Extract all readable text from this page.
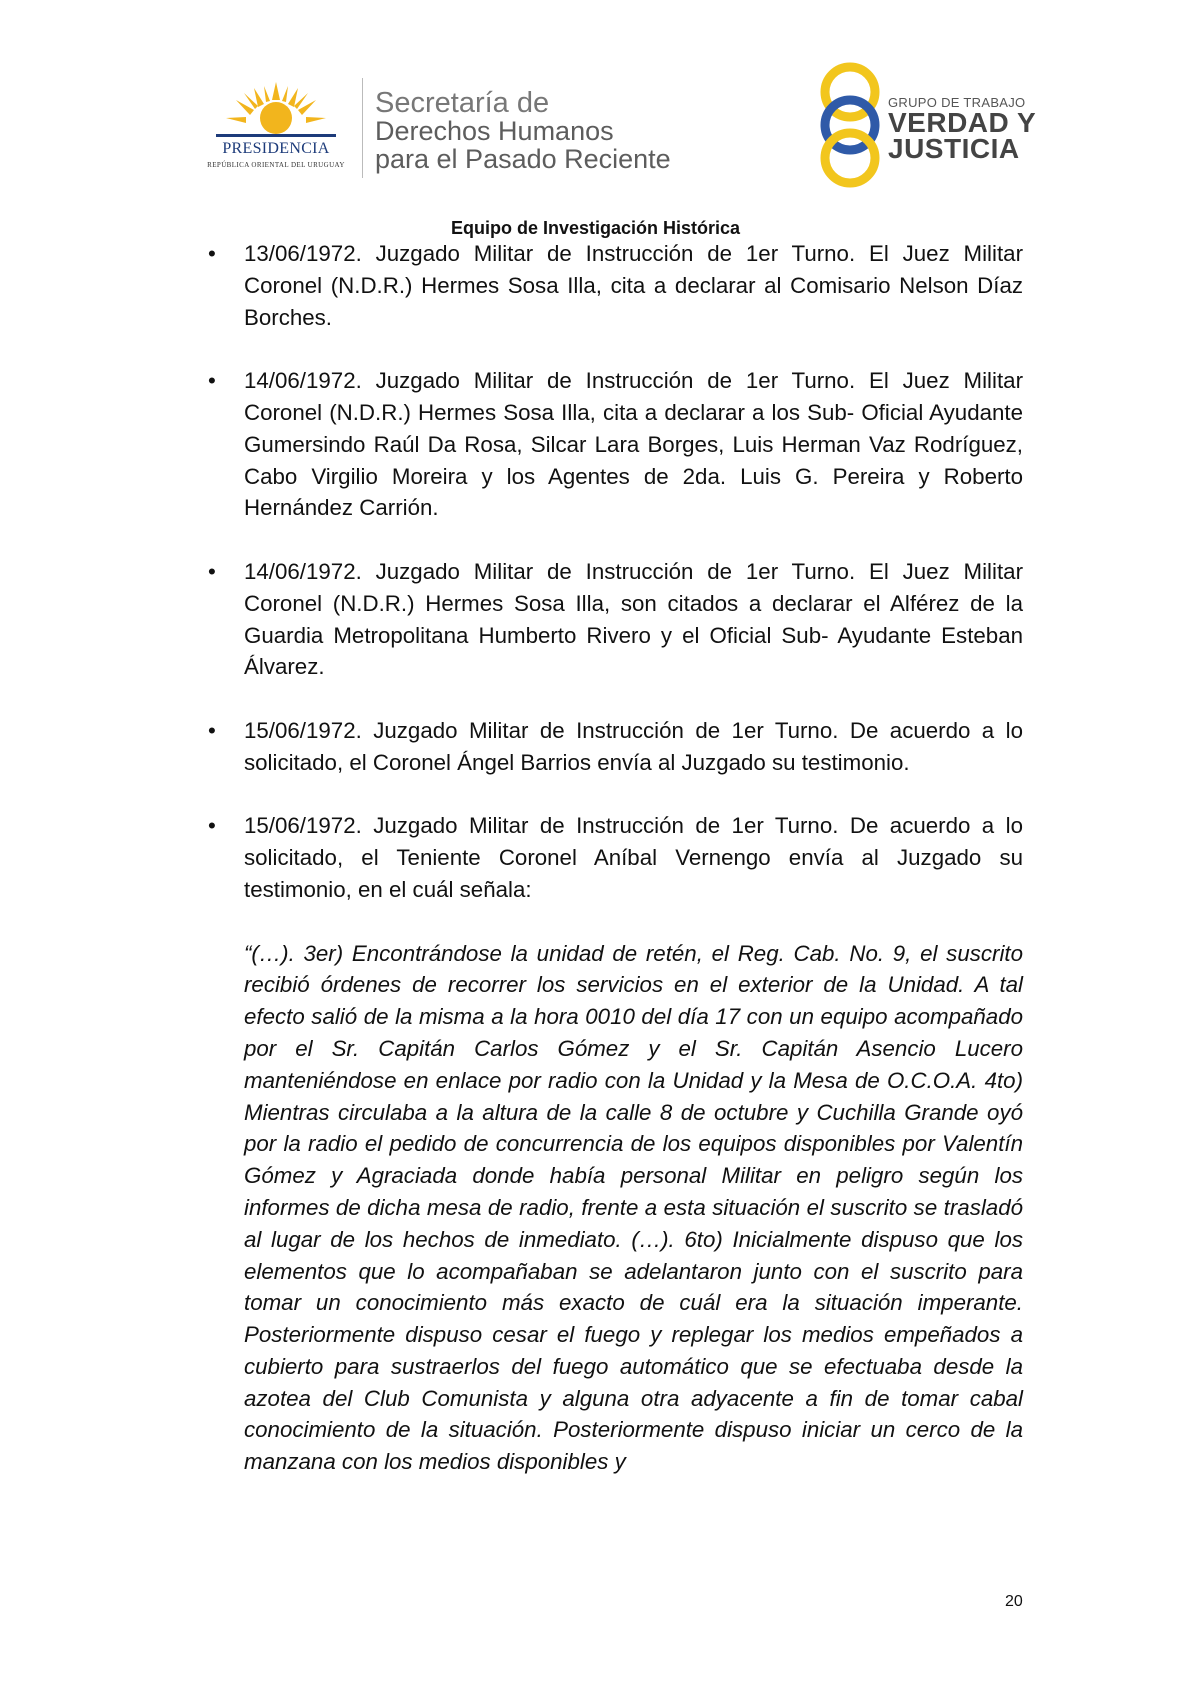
PRESIDENCIA
REPÚBLICA ORIENTAL DEL URUGUAY
Secretaría de
Derechos Humanos
para el Pasado Reciente
GRUPO DE TRABAJO
VERDAD Y
JUSTICIA
Equipo de Investigación Histórica
•	13/06/1972. Juzgado Militar de Instrucción de 1er Turno. El Juez Militar Coronel (N.D.R.) Hermes Sosa Illa, cita a declarar al Comisario Nelson Díaz Borches.
•	14/06/1972. Juzgado Militar de Instrucción de 1er Turno. El Juez Militar Coronel (N.D.R.) Hermes Sosa Illa, cita a declarar a los Sub- Oficial Ayudante Gumersindo Raúl Da Rosa, Silcar Lara Borges, Luis Herman Vaz Rodríguez, Cabo Virgilio Moreira y los Agentes de 2da. Luis G. Pereira y Roberto Hernández Carrión.
•	14/06/1972. Juzgado Militar de Instrucción de 1er Turno. El Juez Militar Coronel (N.D.R.) Hermes Sosa Illa, son citados a declarar el Alférez de la Guardia Metropolitana Humberto Rivero y el Oficial Sub- Ayudante Esteban Álvarez.
•	15/06/1972. Juzgado Militar de Instrucción de 1er Turno. De acuerdo a lo solicitado, el Coronel Ángel Barrios envía al Juzgado su testimonio.
•	15/06/1972. Juzgado Militar de Instrucción de 1er Turno. De acuerdo a lo solicitado, el Teniente Coronel Aníbal Vernengo envía al Juzgado su testimonio, en el cuál señala:
“(…). 3er) Encontrándose la unidad de retén, el Reg. Cab. No. 9, el suscrito recibió órdenes de recorrer los servicios en el exterior de la Unidad. A tal efecto salió de la misma a la hora 0010 del día 17 con un equipo acompañado por el Sr. Capitán Carlos Gómez y el Sr. Capitán Asencio Lucero manteniéndose en enlace por radio con la Unidad y la Mesa de O.C.O.A. 4to) Mientras circulaba a la altura de la calle 8 de octubre y Cuchilla Grande oyó por la radio el pedido de concurrencia de los equipos disponibles por Valentín Gómez y Agraciada donde había personal Militar en peligro según los informes de dicha mesa de radio, frente a esta situación el suscrito se trasladó al lugar de los hechos de inmediato. (…). 6to) Inicialmente dispuso que los elementos que lo acompañaban se adelantaron junto con el suscrito para tomar un conocimiento más exacto de cuál era la situación imperante. Posteriormente dispuso cesar el fuego y replegar los medios empeñados a cubierto para sustraerlos del fuego automático que se efectuaba desde la azotea del Club Comunista y alguna otra adyacente a fin de tomar cabal conocimiento de la situación. Posteriormente dispuso iniciar un cerco de la manzana con los medios disponibles y
20
